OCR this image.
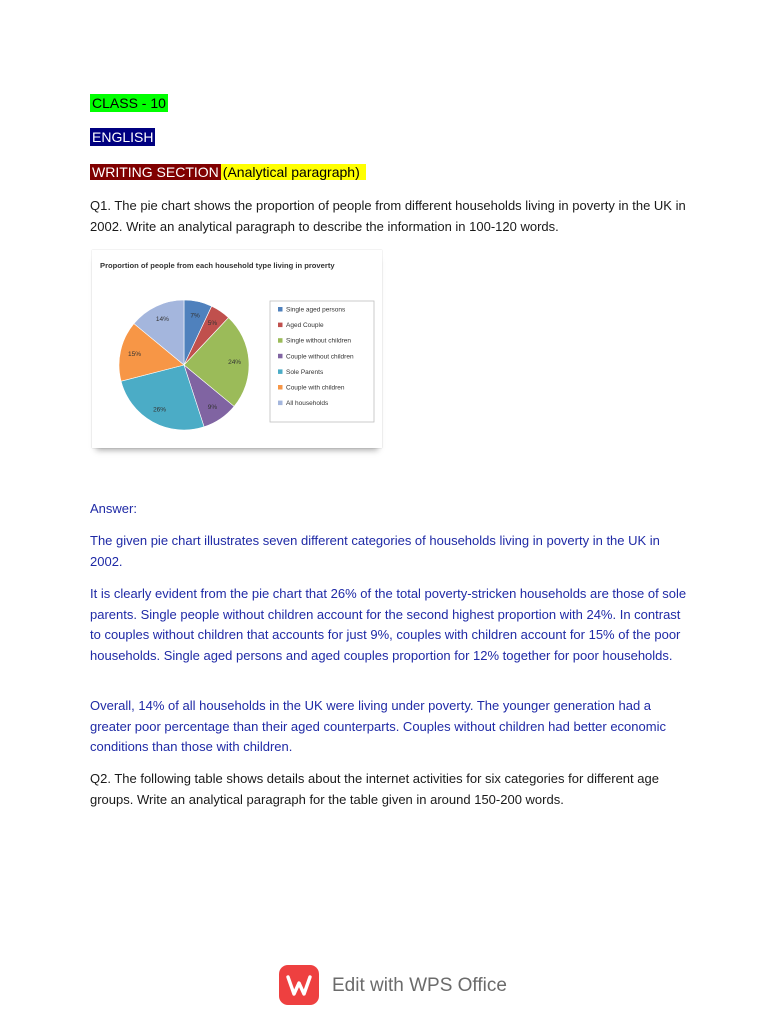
CLASS - 10
ENGLISH
WRITING SECTION (Analytical paragraph)

Q1. The pie chart shows the proportion of people from different households living in poverty in the UK in 2002. Write an analytical paragraph to describe the information in 100-120 words.

Answer:

The given pie chart illustrates seven different categories of households living in poverty in the UK in 2002.

It is clearly evident from the pie chart that 26% of the total poverty-stricken households are those of sole parents. Single people without children account for the second highest proportion with 24%. In contrast to couples without children that accounts for just 9%, couples with children account for 15% of the poor households. Single aged persons and aged couples proportion for 12% together for poor households.

Overall, 14% of all households in the UK were living under poverty. The younger generation had a greater poor percentage than their aged counterparts. Couples without children had better economic conditions than those with children.

Q2. The following table shows details about the internet activities for six categories for different age groups. Write an analytical paragraph for the table given in around 150-200 words.

Proportion of people from each household type living in proverty
7%
5%
24%
9%
26%
15%
14%
Single aged persons
Aged Couple
Single without children
Couple without children
Sole Parents
Couple with children
All households
Edit with WPS Office
